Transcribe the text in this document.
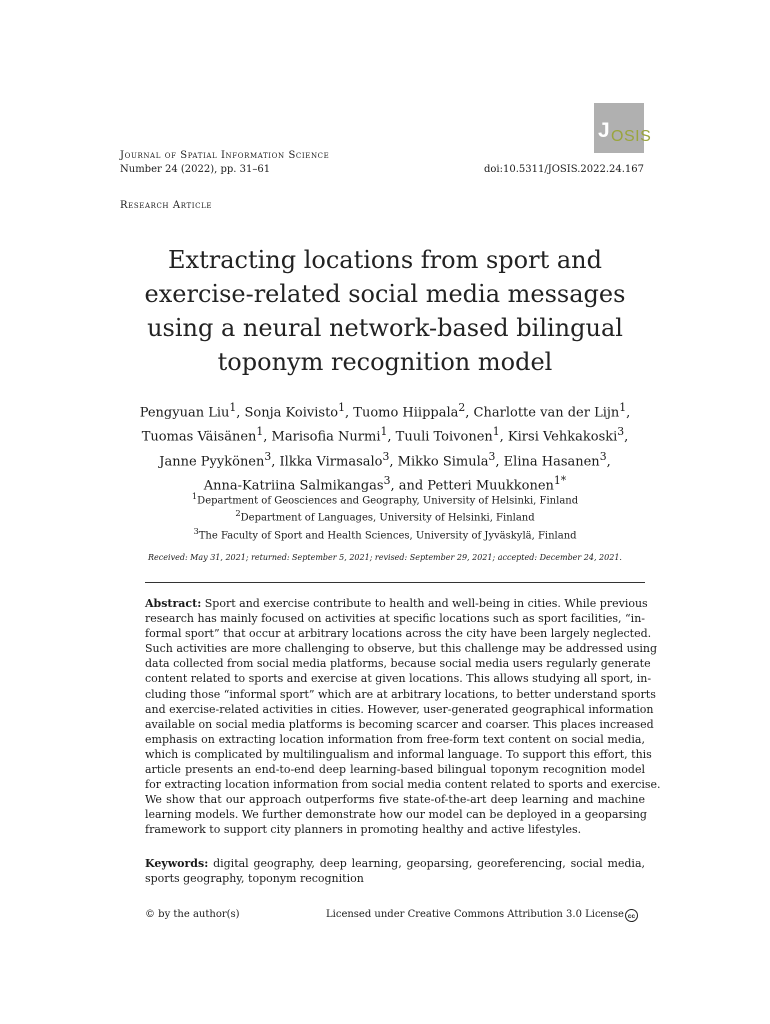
J OSIS
Journal of Spatial Information Science
Number 24 (2022), pp. 31–61	doi:10.5311/JOSIS.2022.24.167
Research Article
Extracting locations from sport and
exercise-related social media messages
using a neural network-based bilingual
toponym recognition model
Pengyuan Liu$^1$, Sonja Koivisto$^1$, Tuomo Hiippala$^2$, Charlotte van der Lijn$^1$,
Tuomas Väisänen$^1$, Marisofia Nurmi$^1$, Tuuli Toivonen$^1$, Kirsi Vehkakoski$^3$,
Janne Pyykönen$^3$, Ilkka Virmasalo$^3$, Mikko Simula$^3$, Elina Hasanen$^3$,
Anna-Katriina Salmikangas$^3$, and Petteri Muukkonen$^{1*}$
$^1$Department of Geosciences and Geography, University of Helsinki, Finland
$^2$Department of Languages, University of Helsinki, Finland
$^3$The Faculty of Sport and Health Sciences, University of Jyväskylä, Finland
Received: May 31, 2021; returned: September 5, 2021; revised: September 29, 2021; accepted: December 24, 2021.
Abstract: Sport and exercise contribute to health and well-being in cities. While previous
research has mainly focused on activities at specific locations such as sport facilities, “in-
formal sport” that occur at arbitrary locations across the city have been largely neglected.
Such activities are more challenging to observe, but this challenge may be addressed using
data collected from social media platforms, because social media users regularly generate
content related to sports and exercise at given locations. This allows studying all sport, in-
cluding those “informal sport” which are at arbitrary locations, to better understand sports
and exercise-related activities in cities. However, user-generated geographical information
available on social media platforms is becoming scarcer and coarser. This places increased
emphasis on extracting location information from free-form text content on social media,
which is complicated by multilingualism and informal language. To support this effort, this
article presents an end-to-end deep learning-based bilingual toponym recognition model
for extracting location information from social media content related to sports and exercise.
We show that our approach outperforms five state-of-the-art deep learning and machine
learning models. We further demonstrate how our model can be deployed in a geoparsing
framework to support city planners in promoting healthy and active lifestyles.
Keywords: digital geography, deep learning, geoparsing, georeferencing, social media,
sports geography, toponym recognition
© by the author(s)	Licensed under Creative Commons Attribution 3.0 License cc
